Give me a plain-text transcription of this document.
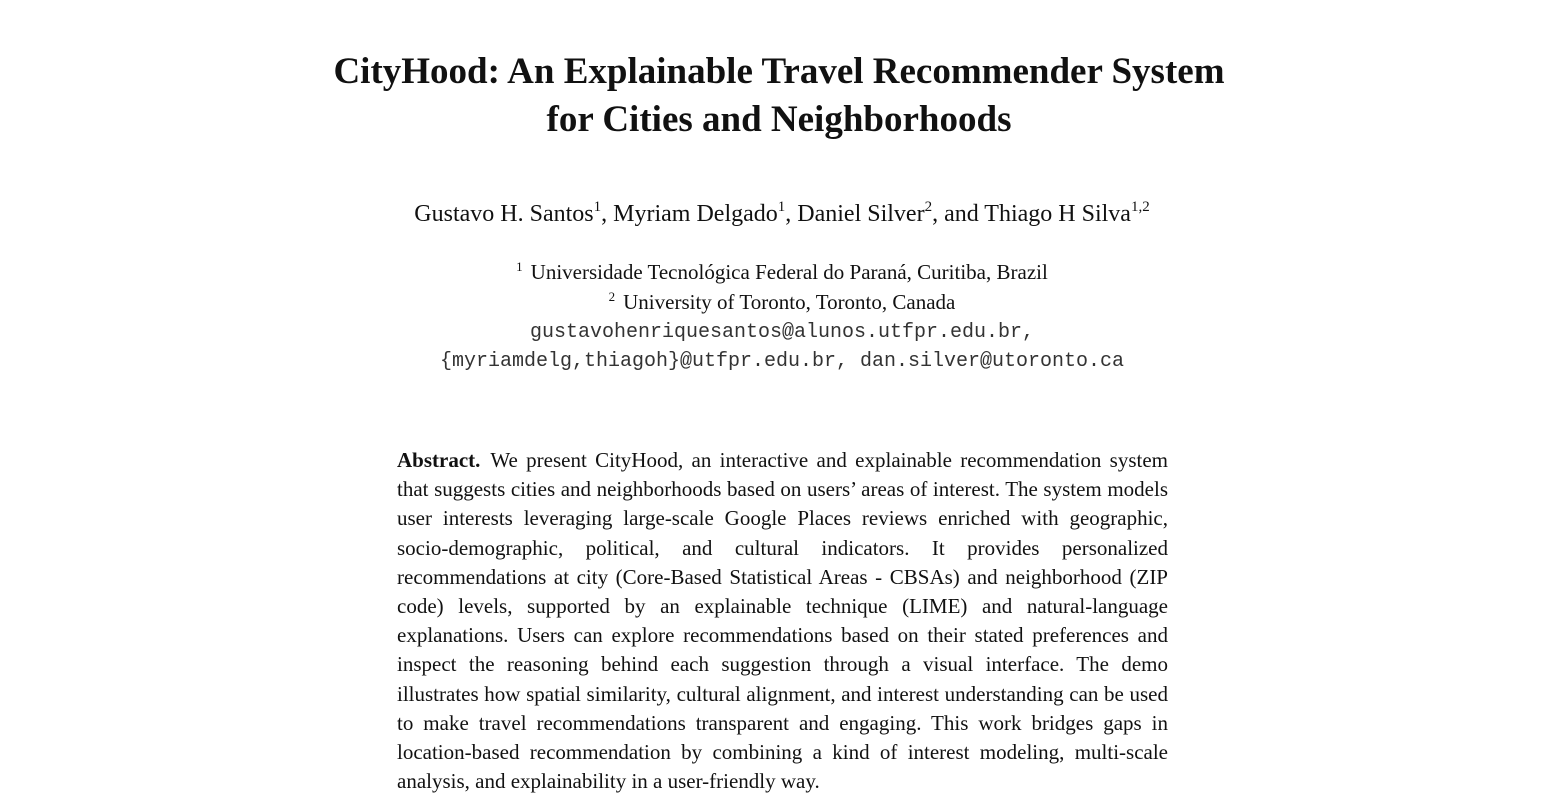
CityHood: An Explainable Travel Recommender System
for Cities and Neighborhoods
Gustavo H. Santos$^1$, Myriam Delgado$^1$, Daniel Silver$^2$, and Thiago H Silva$^{1,2}$
$^1$ Universidade Tecnológica Federal do Paraná, Curitiba, Brazil
$^2$ University of Toronto, Toronto, Canada
gustavohenriquesantos@alunos.utfpr.edu.br,
{myriamdelg,thiagoh}@utfpr.edu.br, dan.silver@utoronto.ca

Abstract. We present CityHood, an interactive and explainable recommendation system that suggests cities and neighborhoods based on users’ areas of interest. The system models user interests leveraging large-scale Google Places reviews enriched with geographic, socio-demographic, political, and cultural indicators. It provides personalized recommendations at city (Core-Based Statistical Areas - CBSAs) and neighborhood (ZIP code) levels, supported by an explainable technique (LIME) and natural-language explanations. Users can explore recommendations based on their stated preferences and inspect the reasoning behind each suggestion through a visual interface. The demo illustrates how spatial similarity, cultural alignment, and interest understanding can be used to make travel recommendations transparent and engaging. This work bridges gaps in location-based recommendation by combining a kind of interest modeling, multi-scale analysis, and explainability in a user-friendly way.
